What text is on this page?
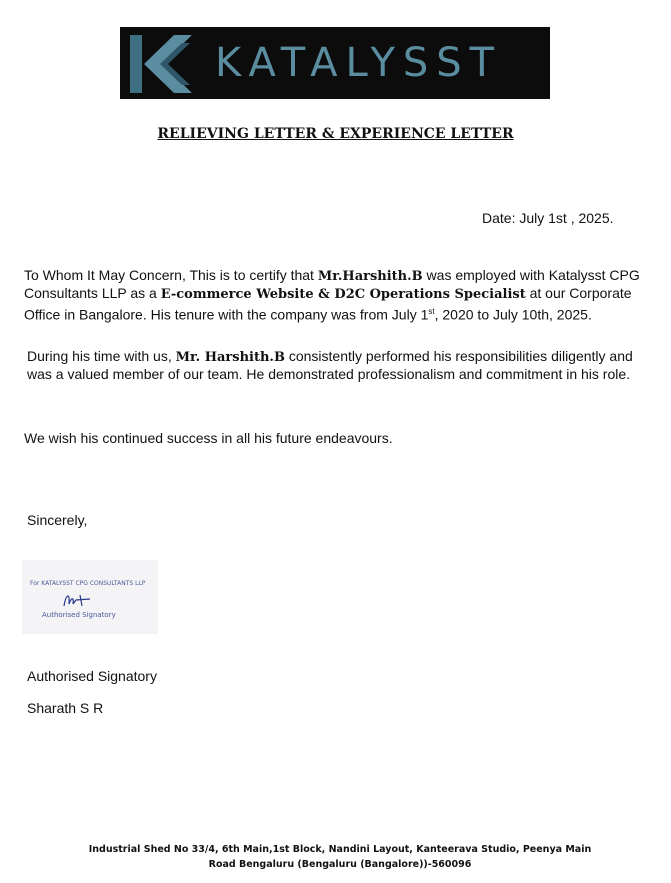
KATALYSST
RELIEVING LETTER & EXPERIENCE LETTER
Date: July 1st , 2025.
To Whom It May Concern, This is to certify that Mr.Harshith.B was employed with Katalysst CPG Consultants LLP as a E-commerce Website & D2C Operations Specialist at our Corporate Office in Bangalore. His tenure with the company was from July 1st, 2020 to July 10th, 2025.
During his time with us, Mr. Harshith.B consistently performed his responsibilities diligently and was a valued member of our team. He demonstrated professionalism and commitment in his role.
We wish his continued success in all his future endeavours.
Sincerely,
For KATALYSST CPG CONSULTANTS LLP
Authorised Signatory
Authorised Signatory
Sharath S R
Industrial Shed No 33/4, 6th Main,1st Block, Nandini Layout, Kanteerava Studio, Peenya Main
Road Bengaluru (Bengaluru (Bangalore))-560096
